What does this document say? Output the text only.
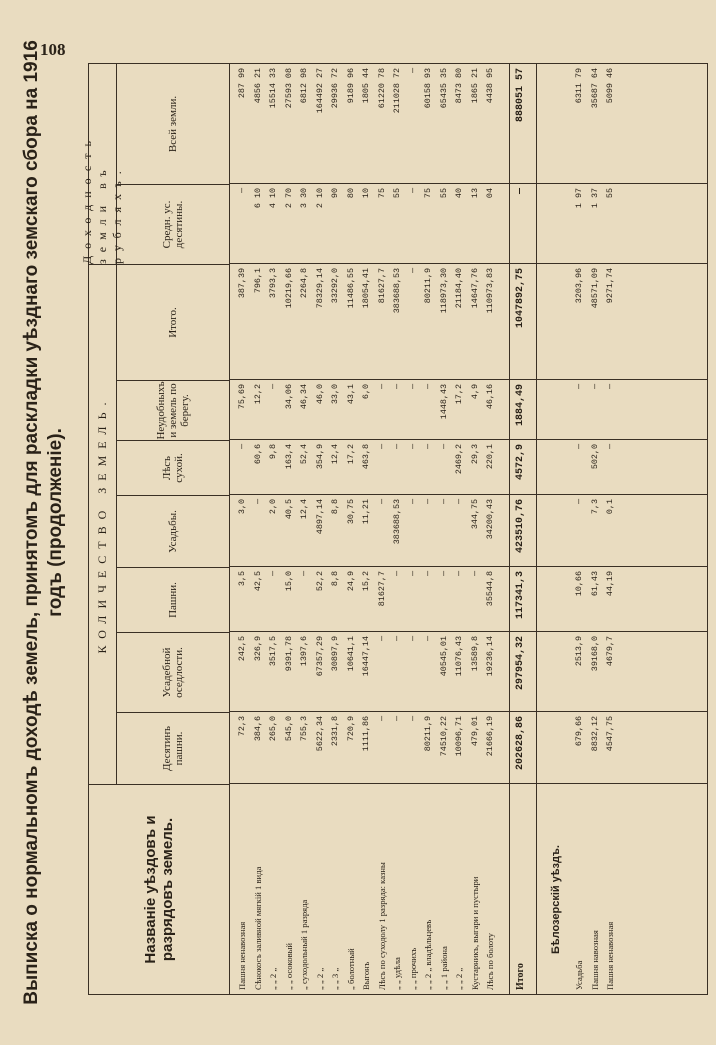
108
Выписка о нормальномъ доходѣ земель, принятомъ для раскладки уѣзднаго земскаго сбора на 1916 годъ (продолженіе).
Названіе уѣздовъ и разрядовъ земель.
КОЛИЧЕСТВО ЗЕМЕЛЬ.
Доходность земли въ рубляхъ.
Десятинъ пашни.
Усадебной оседлости.
Пашни.
Усадьбы.
Лѣсъ сухой.
Неудобныхъ и земель по берегу.
Итого.
Средн. ус. десятины.
Всей земли.
Пашня ненавозная
72,3
242,5
3,5
3,0
—
75,69
387,39
—
287 99
Сѣнокосъ заливной мягкій 1 вида
384,6
326,9
42,5
—
60,6
12,2
796,1
6 10
4856 21
„ „ 2 „
265,0
3517,5
—
2,0
9,8
—
3793,3
4 10
15514 33
„ „ осоковый
545,0
9391,78
15,0
40,5
163,4
34,06
10219,66
2 70
27593 08
„ суходольный 1 разряда
755,3
1397,6
—
12,4
52,4
46,34
2264,8
3 30
6812 98
„ „ 2 „
5622,34
67357,29
52,2
4897,14
354,9
46,0
78329,14
2 10
164492 27
„ „ 3 „
2331,8
30897,9
8,8
8,8
12,4
33,0
33292,0
90
29936 72
„ болотный
720,9
10641,1
24,9
30,75
17,2
43,1
11486,55
80
9189 96
Выгонъ
1111,86
16447,14
15,2
11,21
463,8
6,0
18054,41
10
1805 44
Лѣсъ по суходолу 1 разряда: казны
—
—
81627,7
—
—
—
81627,7
75
61220 78
„ „ удѣла
—
—
—
383688,53
—
—
383688,53
55
211028 72
„ „ прочихъ
—
—
—
—
—
—
—
—
—
„ „ 2 „ владѣльцевъ
80211,9
—
—
—
—
—
80211,9
75
60158 93
„ „ 1 района
74510,22
40545,01
—
—
—
1448,43
118973,30
55
65435 35
„ „ 2 „
10096,71
11076,43
—
—
2469,2
17,2
21184,40
40
8473 80
Кустарникъ, выгари и пустыри
479,01
13589,8
—
344,75
29,3
4,9
14647,76
13
1865 21
Лѣсъ по болоту
21666,19
19236,14
35544,8
34200,43
220,1
46,16
110973,83
04
4438 95
Итого
202628,86
297954,32
117341,3
423510,76
4572,9
1884,49
1047892,75
—
888051 57
Бѣлозерскій уѣздъ.
Усадьба
679,66
2513,9
10,66
—
—
—
3203,96
1 97
6311 79
Пашня навозная
8832,12
39168,0
61,43
7,3
502,0
—
48571,09
1 37
35687 64
Пашня ненавозная
4547,75
4679,7
44,19
0,1
—
—
9271,74
55
5099 46
